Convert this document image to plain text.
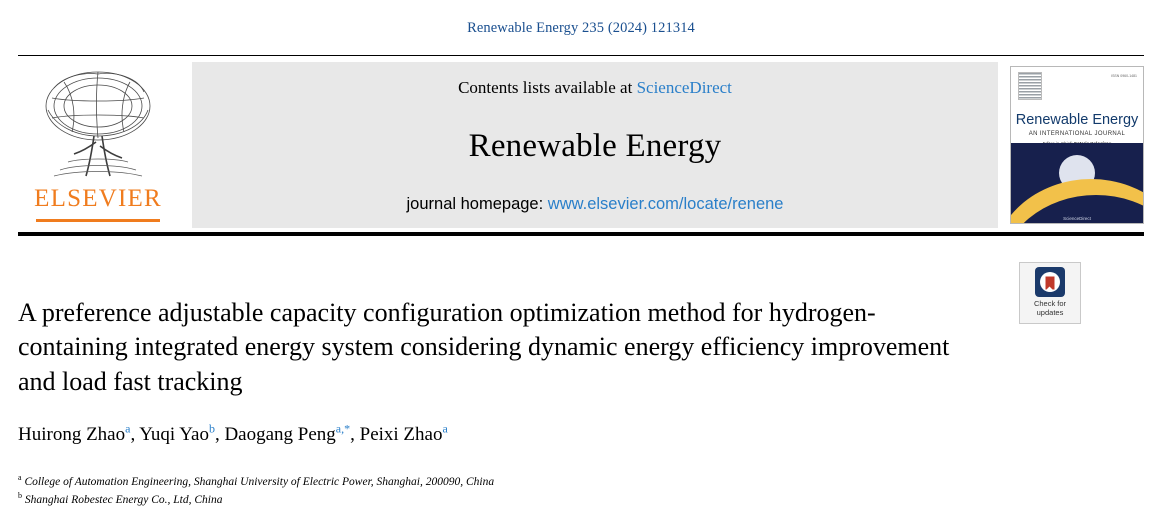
Renewable Energy 235 (2024) 121314
ELSEVIER
Contents lists available at ScienceDirect
Renewable Energy
journal homepage: www.elsevier.com/locate/renene
ISSN 0960-1481
Renewable Energy
AN INTERNATIONAL JOURNAL
ScienceDirect
Check for
updates
A preference adjustable capacity configuration optimization method for hydrogen-containing integrated energy system considering dynamic energy efficiency improvement and load fast tracking
Huirong Zhao$^a$, Yuqi Yao$^b$, Daogang Peng$^{a,*}$, Peixi Zhao$^a$
$^a$ College of Automation Engineering, Shanghai University of Electric Power, Shanghai, 200090, China
$^b$ Shanghai Robestec Energy Co., Ltd, China
